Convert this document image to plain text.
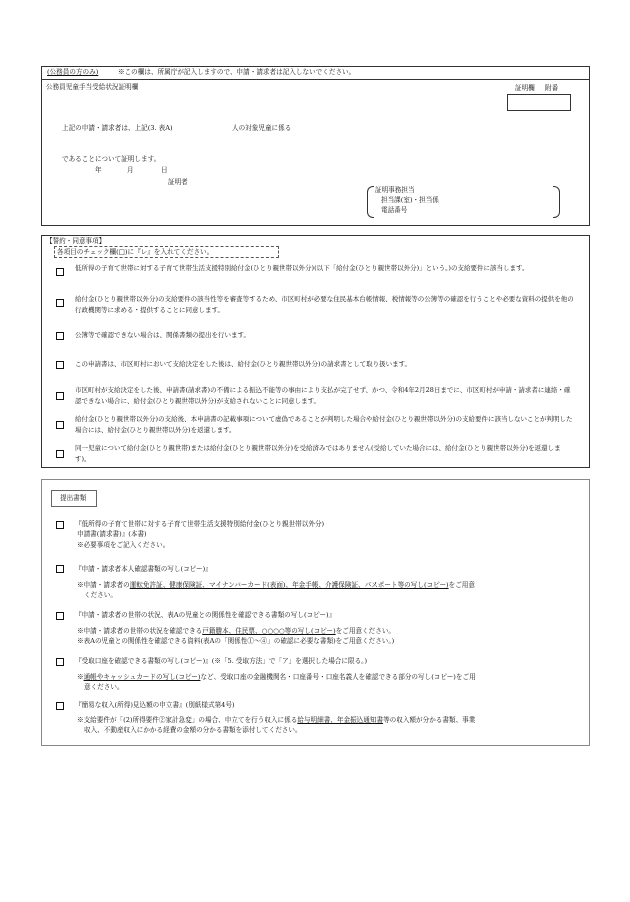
(公務員の方のみ)	※この欄は、所属庁が記入しますので、申請・請求者は記入しないでください。
公務員児童手当受給状況証明欄	証明欄 附番
上記の申請・請求者は、上記(3. 表A)	人の対象児童に係る
であることについて証明します。
年	月	日
証明者
証明事務担当
担当課(室)・担当係
電話番号
【誓約・同意事項】
各項目のチェック欄(□)に『レ』を入れてください。
低所得の子育て世帯に対する子育て世帯生活支援特別給付金(ひとり親世帯以外分)(以下「給付金(ひとり親世帯以外分)」という。)の支給要件に該当します。
給付金(ひとり親世帯以外分)の支給要件の該当性等を審査等するため、市区町村が必要な住民基本台帳情報、税情報等の公簿等の確認を行うことや必要な資料の提供を他の行政機関等に求める・提供することに同意します。
公簿等で確認できない場合は、関係書類の提出を行います。
この申請書は、市区町村において支給決定をした後は、給付金(ひとり親世帯以外分)の請求書として取り扱います。
市区町村が支給決定をした後、申請書(請求書)の不備による振込不能等の事由により支払が完了せず、かつ、令和4年2月28日までに、市区町村が申請・請求者に連絡・確認できない場合に、給付金(ひとり親世帯以外分)が支給されないことに同意します。
給付金(ひとり親世帯以外分)の支給後、本申請書の記載事項について虚偽であることが判明した場合や給付金(ひとり親世帯以外分)の支給要件に該当しないことが判明した場合には、給付金(ひとり親世帯以外分)を返還します。
同一児童について給付金(ひとり親世帯)または給付金(ひとり親世帯以外分)を受給済みではありません(受給していた場合には、給付金(ひとり親世帯以外分)を返還します)。
提出書類
『低所得の子育て世帯に対する子育て世帯生活支援特別給付金(ひとり親世帯以外分)
申請書(請求書)』(本書)
※必要事項をご記入ください。
『申請・請求者本人確認書類の写し(コピー)』
※申請・請求者の運転免許証、健康保険証、マイナンバーカード(表面)、年金手帳、介護保険証、パスポート等の写し(コピー)をご用意
ください。
『申請・請求者の世帯の状況、表Aの児童との関係性を確認できる書類の写し(コピー)』
※申請・請求者の世帯の状況を確認できる戸籍謄本、住民票、○○○○等の写し(コピー)をご用意ください。
※表Aの児童との関係性を確認できる資料(表Aの「関係性①～④」の確認に必要な書類)をご用意ください。)
『受取口座を確認できる書類の写し(コピー)』(※「5. 受取方法」で「ア」を選択した場合に限る。)
※通帳やキャッシュカードの写し(コピー)など、受取口座の金融機関名・口座番号・口座名義人を確認できる部分の写し(コピー)をご用
意ください。
『簡易な収入(所得)見込額の申立書』(別紙様式第4号)
※支給要件が「(2)所得要件②家計急変」の場合、申立てを行う収入に係る給与明細書、年金振込通知書等の収入額が分かる書類、事業
収入、不動産収入にかかる経費の金額の分かる書類を添付してください。
